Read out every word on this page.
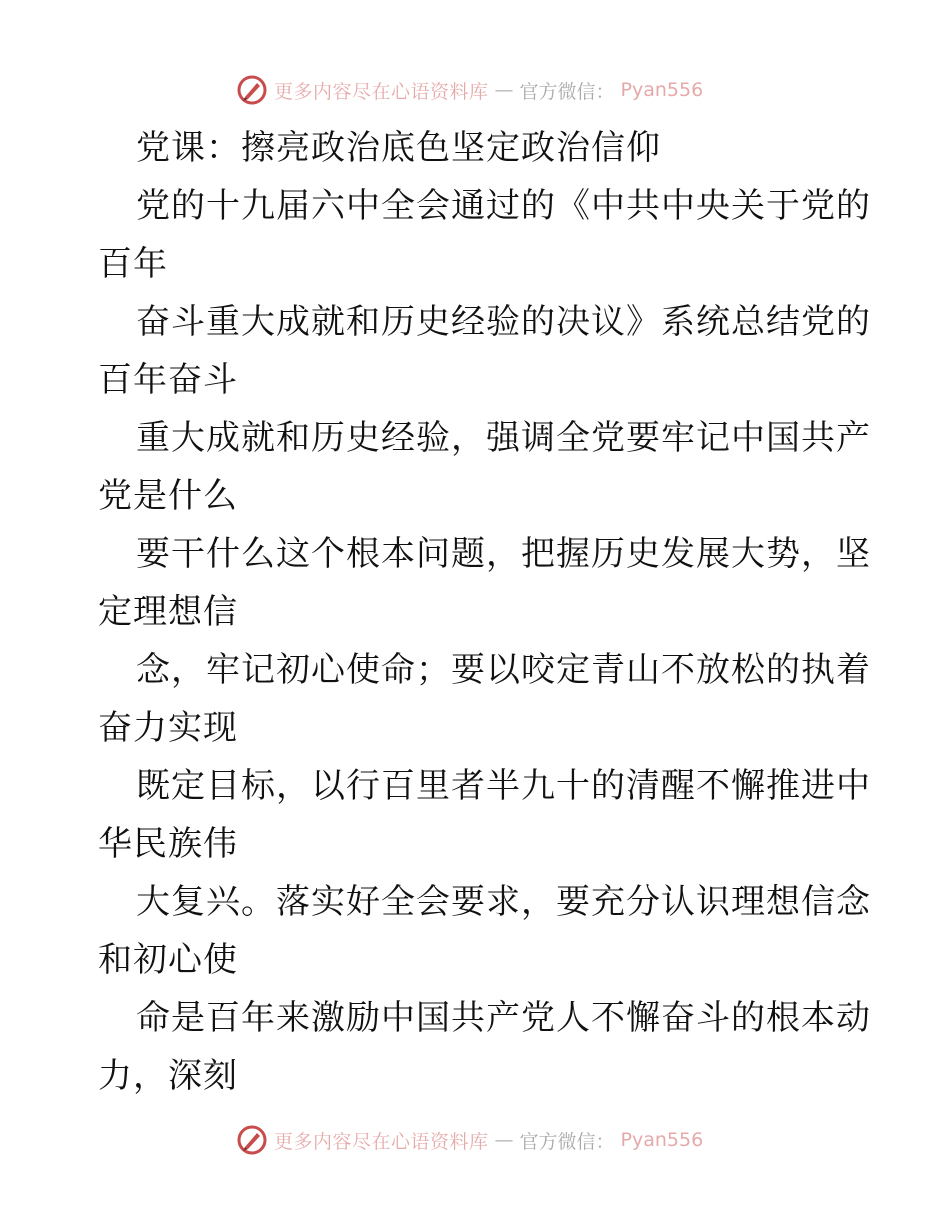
更多内容尽在心语资料库 — 官方微信： Pyan556
党课：擦亮政治底色坚定政治信仰
党的十九届六中全会通过的《中共中央关于党的
百年
奋斗重大成就和历史经验的决议》系统总结党的
百年奋斗
重大成就和历史经验，强调全党要牢记中国共产
党是什么
要干什么这个根本问题，把握历史发展大势，坚
定理想信
念，牢记初心使命；要以咬定青山不放松的执着
奋力实现
既定目标，以行百里者半九十的清醒不懈推进中
华民族伟
大复兴。落实好全会要求，要充分认识理想信念
和初心使
命是百年来激励中国共产党人不懈奋斗的根本动
力，深刻
更多内容尽在心语资料库 — 官方微信： Pyan556
